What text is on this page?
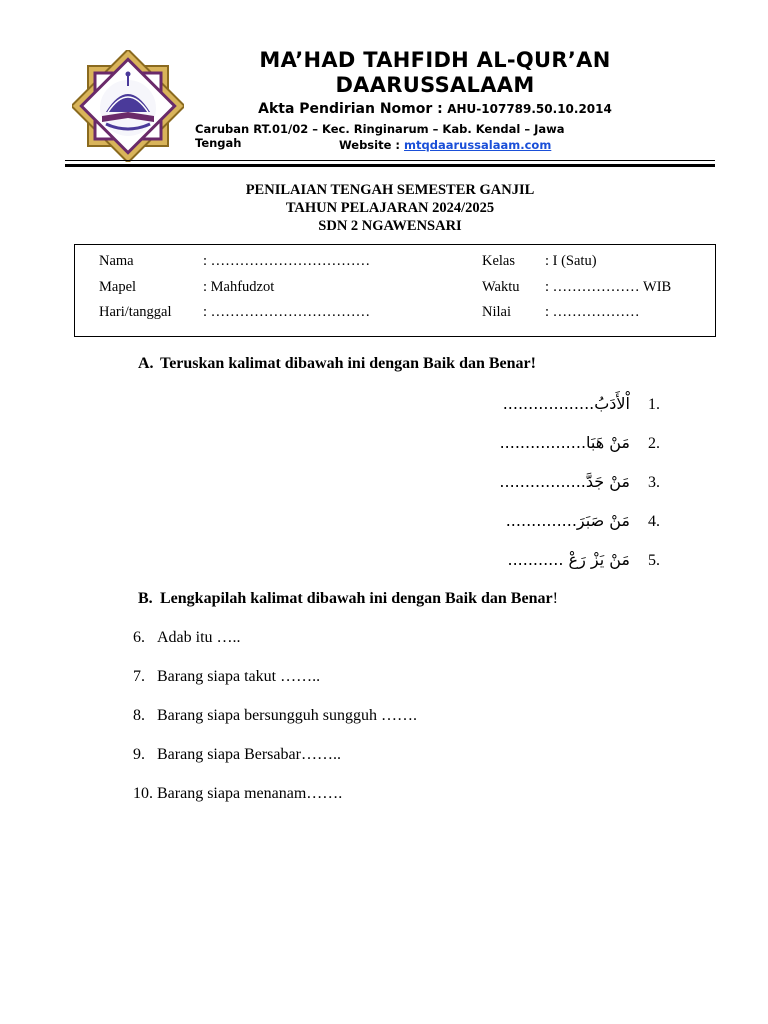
MA’HAD TAHFIDH AL-QUR’AN DAARUSSALAAM
Akta Pendirian Nomor : AHU-107789.50.10.2014
Caruban RT.01/02 – Kec. Ringinarum – Kab. Kendal – Jawa Tengah	Website : mtqdaarussalaam.com
PENILAIAN TENGAH SEMESTER GANJIL
TAHUN PELAJARAN 2024/2025
SDN 2 NGAWENSARI
Nama	: ……………………………	Kelas : I (Satu)
Mapel	: Mahfudzot	Waktu : ……………… WIB
Hari/tanggal : ……………………………	Nilai : ………………
A. Teruskan kalimat dibawah ini dengan Baik dan Benar!
.1اْلأَدَبُ..................
.2مَنْ هَبَا.................
.3مَنْ جَدَّ.................
.4مَنْ صَبَرَ..............
.5مَنْ يَزْ رَعْ ...........
B. Lengkapilah kalimat dibawah ini dengan Baik dan Benar!
6. Adab itu …..
7. Barang siapa takut ……..
8. Barang siapa bersungguh sungguh …….
9. Barang siapa Bersabar……..
10. Barang siapa menanam…….
